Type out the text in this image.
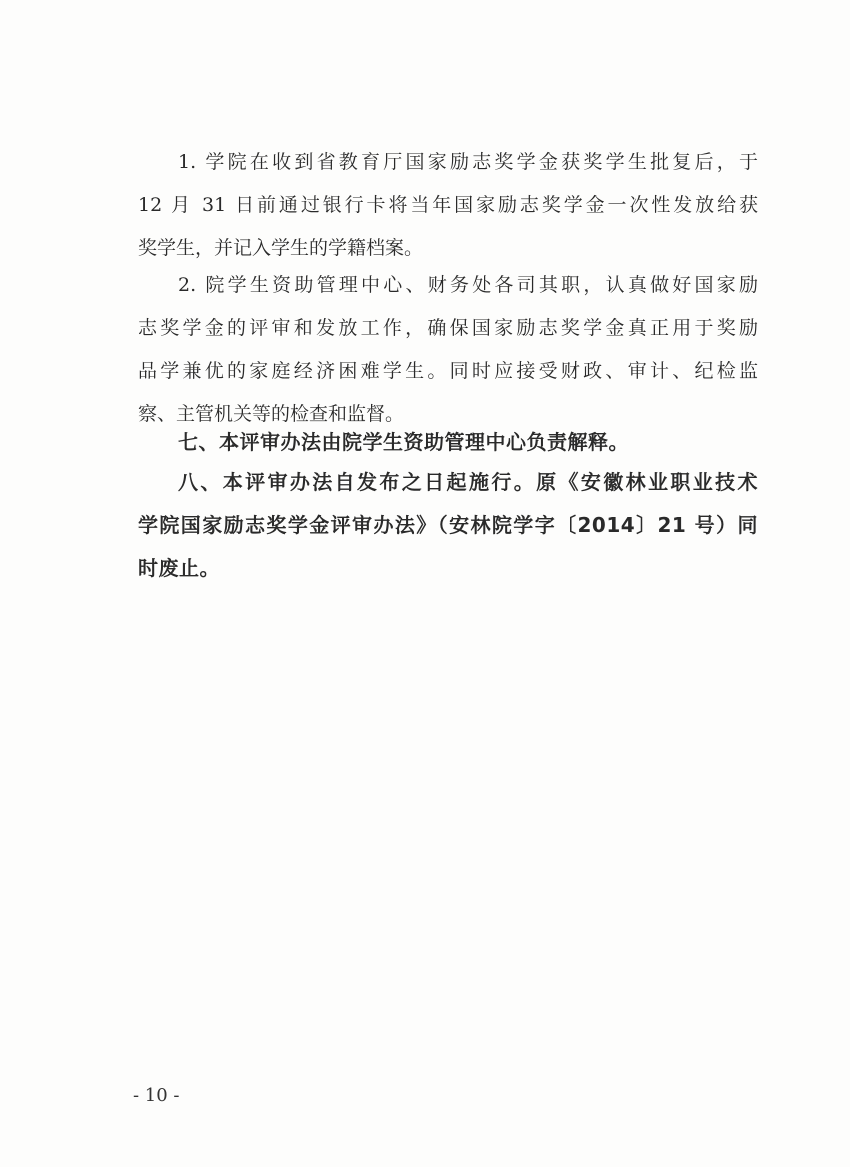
1. 学院在收到省教育厅国家励志奖学金获奖学生批复后，于
12 月 31 日前通过银行卡将当年国家励志奖学金一次性发放给获
奖学生，并记入学生的学籍档案。
2. 院学生资助管理中心、财务处各司其职，认真做好国家励
志奖学金的评审和发放工作，确保国家励志奖学金真正用于奖励
品学兼优的家庭经济困难学生。同时应接受财政、审计、纪检监
察、主管机关等的检查和监督。
七、本评审办法由院学生资助管理中心负责解释。
八、本评审办法自发布之日起施行。原《安徽林业职业技术
学院国家励志奖学金评审办法》（安林院学字〔2014〕21 号）同
时废止。
- 10 -
